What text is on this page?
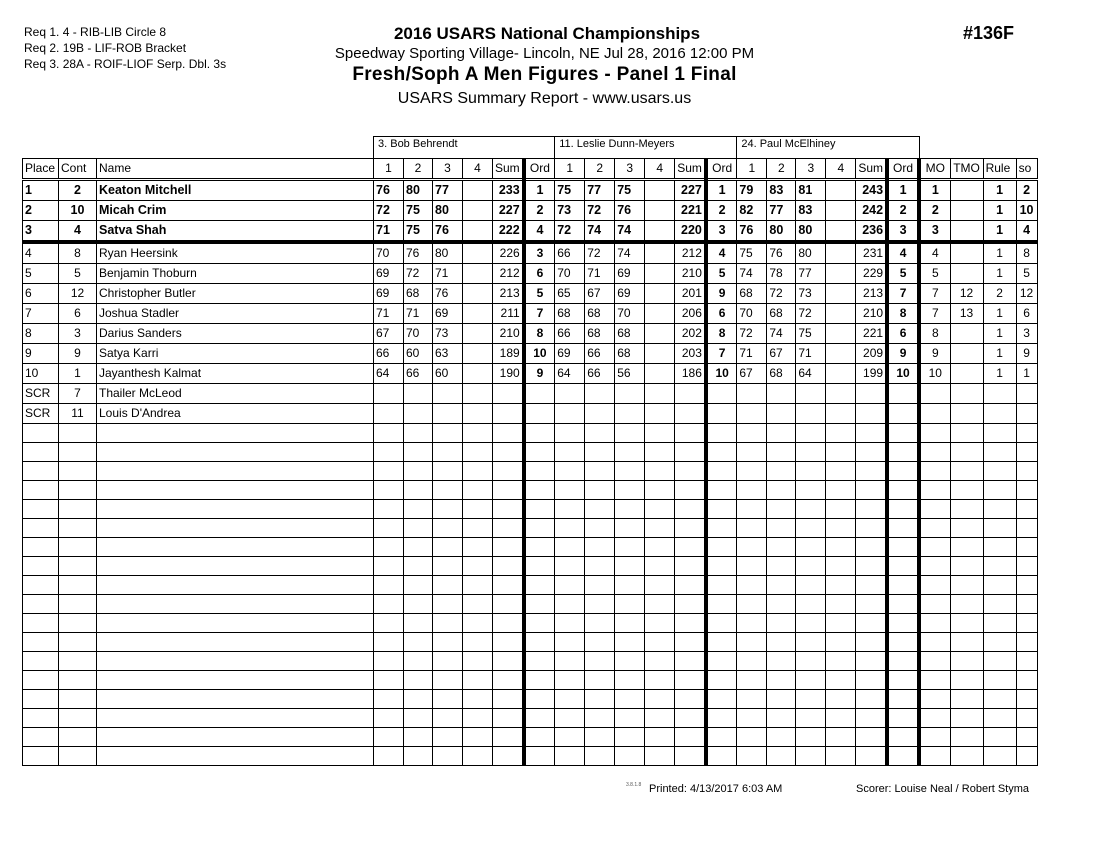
Req 1. 4 - RIB-LIB Circle 8
Req 2. 19B - LIF-ROB Bracket
Req 3. 28A - ROIF-LIOF Serp. Dbl. 3s
2016 USARS National Championships
Speedway Sporting Village- Lincoln, NE Jul 28, 2016 12:00 PM
Fresh/Soph A Men Figures - Panel 1 Final
USARS Summary Report - www.usars.us
#136F
			3. Bob Behrendt						11. Leslie Dunn-Meyers						24. Paul McElhiney									
Place	Cont	Name	1	2	3	4	Sum	Ord	1	2	3	4	Sum	Ord	1	2	3	4	Sum	Ord	MO	TMO	Rule	so
1	2	Keaton Mitchell	76	80	77		233	1	75	77	75		227	1	79	83	81		243	1	1		1	2
2	10	Micah Crim	72	75	80		227	2	73	72	76		221	2	82	77	83		242	2	2		1	10
3	4	Satva Shah	71	75	76		222	4	72	74	74		220	3	76	80	80		236	3	3		1	4
4	8	Ryan Heersink	70	76	80		226	3	66	72	74		212	4	75	76	80		231	4	4		1	8
5	5	Benjamin Thoburn	69	72	71		212	6	70	71	69		210	5	74	78	77		229	5	5		1	5
6	12	Christopher Butler	69	68	76		213	5	65	67	69		201	9	68	72	73		213	7	7	12	2	12
7	6	Joshua Stadler	71	71	69		211	7	68	68	70		206	6	70	68	72		210	8	7	13	1	6
8	3	Darius Sanders	67	70	73		210	8	66	68	68		202	8	72	74	75		221	6	8		1	3
9	9	Satya Karri	66	60	63		189	10	69	66	68		203	7	71	67	71		209	9	9		1	9
10	1	Jayanthesh Kalmat	64	66	60		190	9	64	66	56		186	10	67	68	64		199	10	10		1	1
SCR	7	Thailer McLeod																						
SCR	11	Louis D'Andrea																						

3.8.1.8 Printed: 4/13/2017 6:03 AM	Scorer: Louise Neal / Robert Styma
